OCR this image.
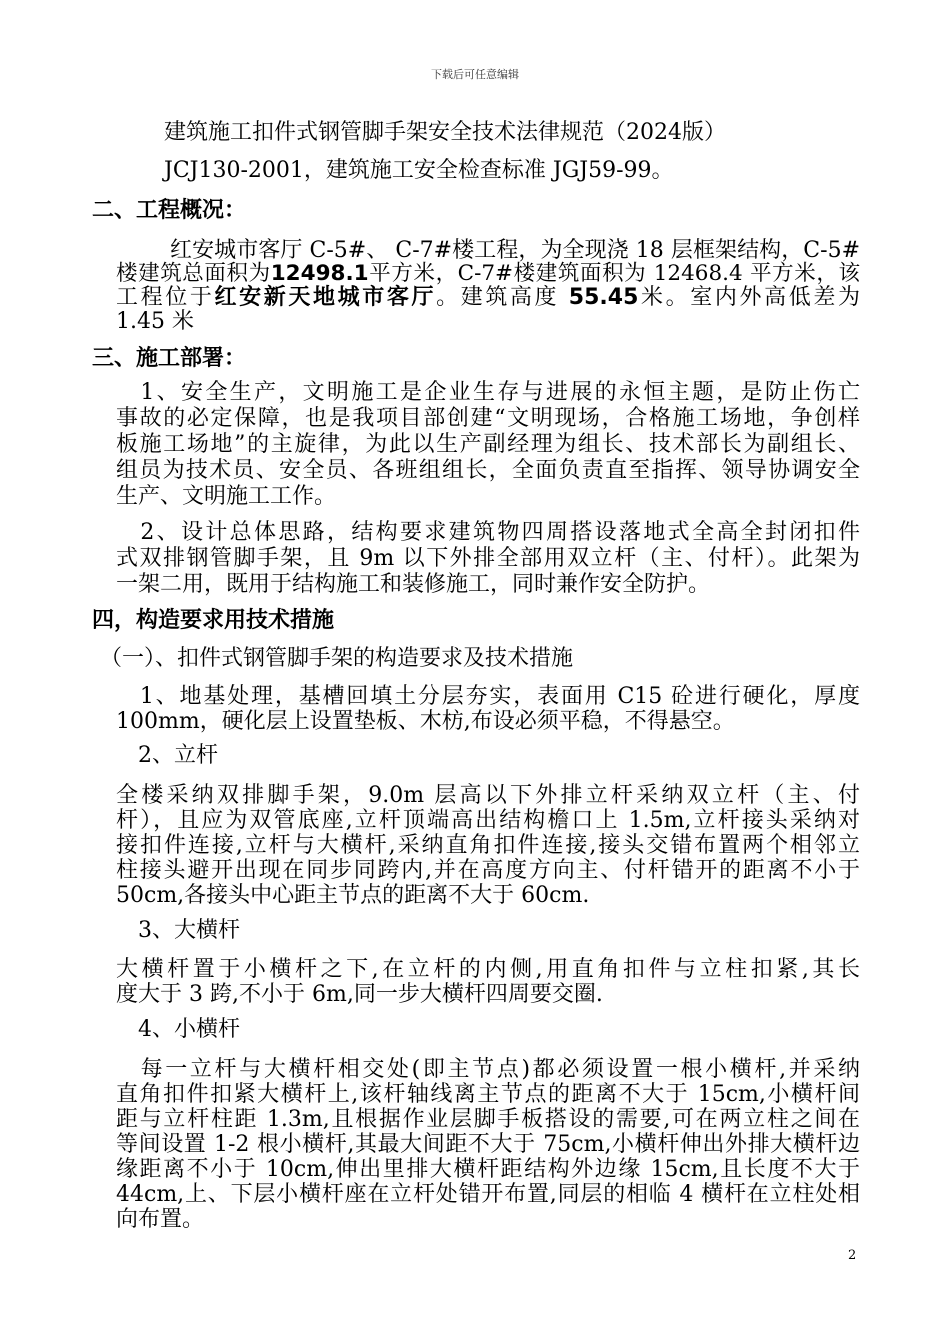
下载后可任意编辑
建筑施工扣件式钢管脚手架安全技术法律规范（2024版）
JCJ130-2001，建筑施工安全检查标准 JGJ59-99。
二、工程概况：
红安城市客厅 C-5#、 C-7#楼工程，为全现浇 18 层框架结构，C-5#
楼建筑总面积为12498.1平方米，C-7#楼建筑面积为 12468.4 平方米，该
工程位于红安新天地城市客厅。建筑高度 55.45米。室内外高低差为
1.45 米
三、施工部署：
　1、安全生产，文明施工是企业生存与进展的永恒主题，是防止伤亡
事故的必定保障，也是我项目部创建“文明现场，合格施工场地，争创样
板施工场地”的主旋律，为此以生产副经理为组长、技术部长为副组长、
组员为技术员、安全员、各班组组长，全面负责直至指挥、领导协调安全
生产、文明施工工作。
　2、设计总体思路，结构要求建筑物四周搭设落地式全高全封闭扣件
式双排钢管脚手架，且 9m 以下外排全部用双立杆（主、付杆）。此架为
一架二用，既用于结构施工和装修施工，同时兼作安全防护。
四，构造要求用技术措施
（一）、扣件式钢管脚手架的构造要求及技术措施
　1、地基处理，基槽回填土分层夯实，表面用 C15 砼进行硬化，厚度
100mm，硬化层上设置垫板、木枋,布设必须平稳，不得悬空。
　2、立杆
全楼采纳双排脚手架，9.0m 层高以下外排立杆采纳双立杆（主、付
杆），且应为双管底座,立杆顶端高出结构檐口上 1.5m,立杆接头采纳对
接扣件连接,立杆与大横杆,采纳直角扣件连接,接头交错布置两个相邻立
柱接头避开出现在同步同跨内,并在高度方向主、付杆错开的距离不小于
50cm,各接头中心距主节点的距离不大于 60cm.
　3、大横杆
大横杆置于小横杆之下,在立杆的内侧,用直角扣件与立柱扣紧,其长
度大于 3 跨,不小于 6m,同一步大横杆四周要交圈.
　4、小横杆
　每一立杆与大横杆相交处(即主节点)都必须设置一根小横杆,并采纳
直角扣件扣紧大横杆上,该杆轴线离主节点的距离不大于 15cm,小横杆间
距与立杆柱距 1.3m,且根据作业层脚手板搭设的需要,可在两立柱之间在
等间设置 1-2 根小横杆,其最大间距不大于 75cm,小横杆伸出外排大横杆边
缘距离不小于 10cm,伸出里排大横杆距结构外边缘 15cm,且长度不大于
44cm,上、下层小横杆座在立杆处错开布置,同层的相临 4 横杆在立柱处相
向布置。
2
